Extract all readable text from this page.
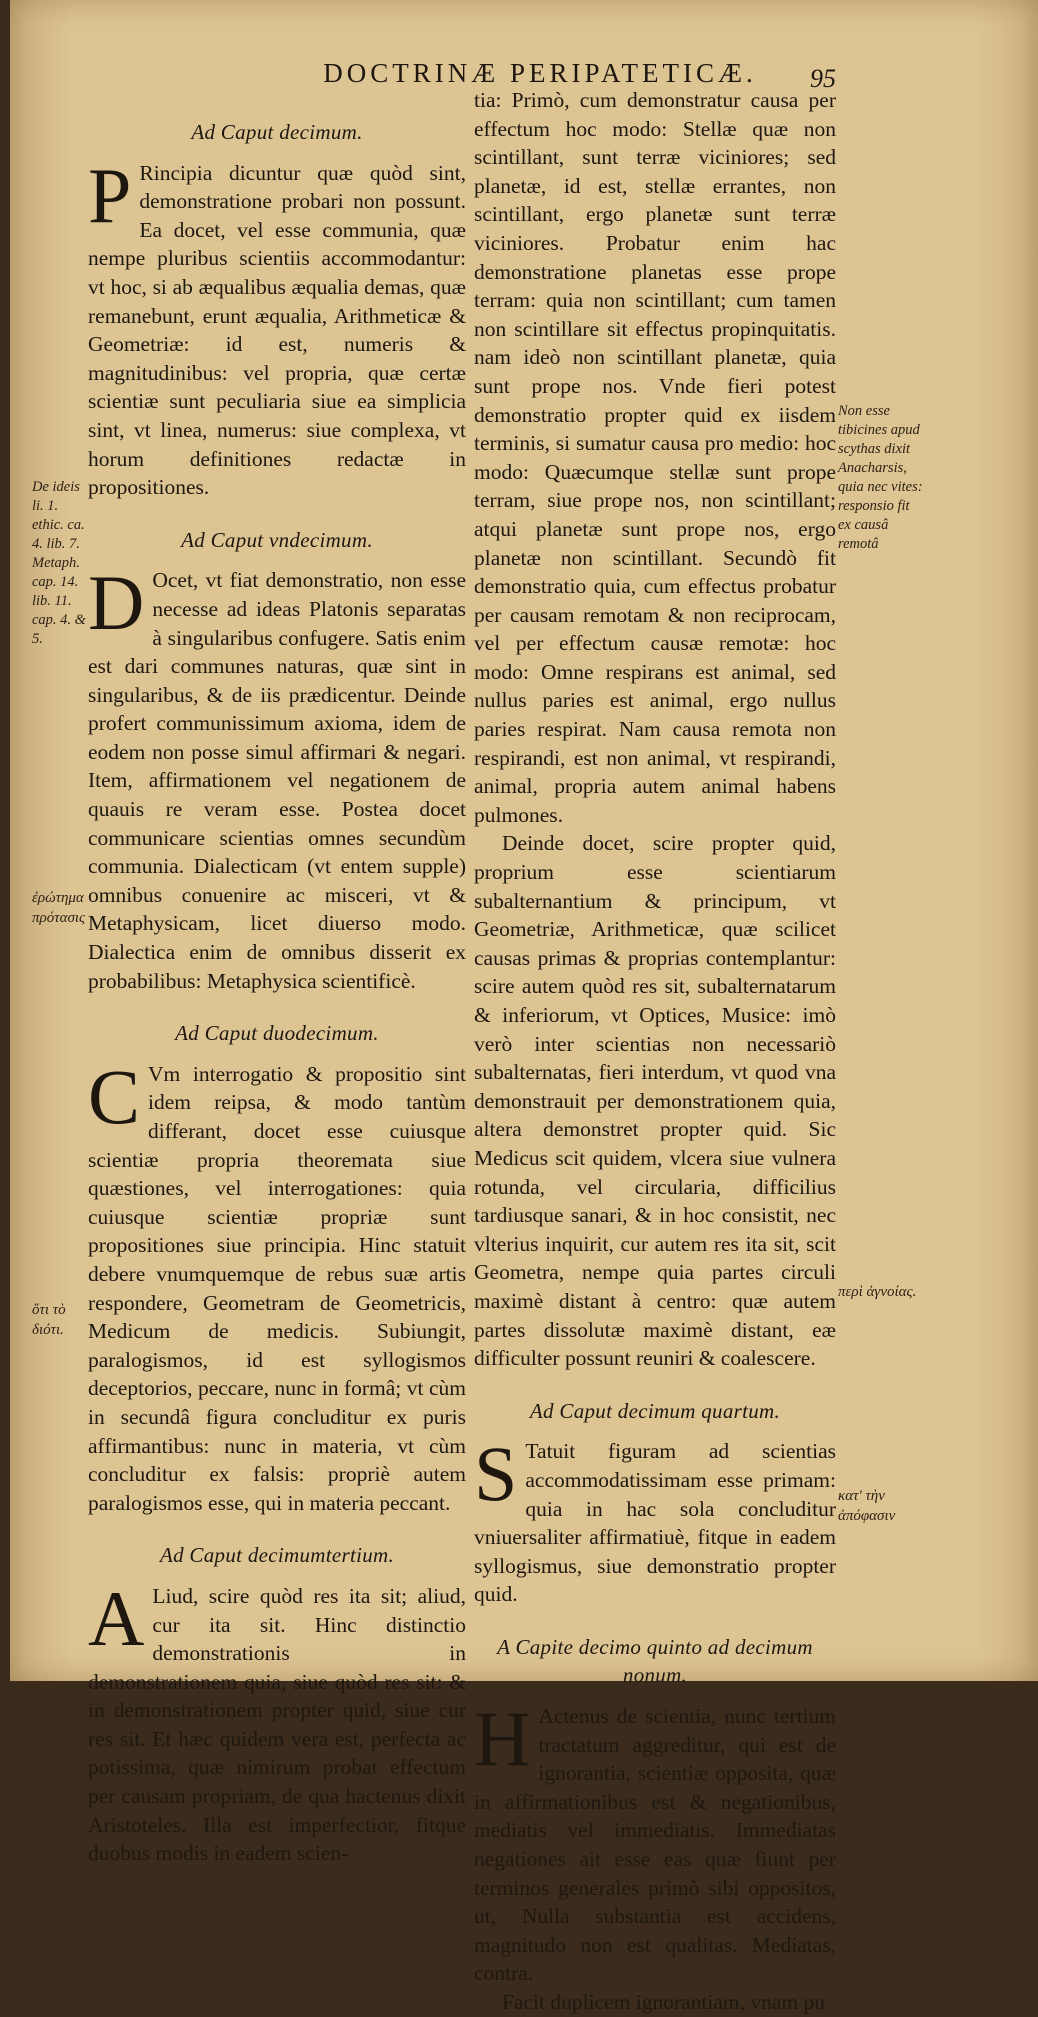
DOCTRINÆ PERIPATETICÆ.	95
Ad Caput decimum.

P Rincipia dicuntur quæ quòd sint, demonstratione probari non possunt. Ea docet, vel esse communia, quæ nempe pluribus scientiis accommodantur: vt hoc, si ab æqualibus æqualia demas, quæ remanebunt, erunt æqualia, Arithmeticæ & Geometriæ: id est, numeris & magnitudinibus: vel propria, quæ certæ scientiæ sunt peculiaria siue ea simplicia sint, vt linea, numerus: siue complexa, vt horum definitiones redactæ in propositiones.

Ad Caput vndecimum.

D Ocet, vt fiat demonstratio, non esse necesse ad ideas Platonis separatas à singularibus confugere. Satis enim est dari communes naturas, quæ sint in singularibus, & de iis prædicentur. Deinde profert communissimum axioma, idem de eodem non posse simul affirmari & negari. Item, affirmationem vel negationem de quauis re veram esse. Postea docet communicare scientias omnes secundùm communia. Dialecticam (vt entem supple) omnibus conuenire ac misceri, vt & Metaphysicam, licet diuerso modo. Dialectica enim de omnibus disserit ex probabilibus: Metaphysica scientificè.

Ad Caput duodecimum.

C Vm interrogatio & propositio sint idem reipsa, & modo tantùm differant, docet esse cuiusque scientiæ propria theoremata siue quæstiones, vel interrogationes: quia cuiusque scientiæ propriæ sunt propositiones siue principia. Hinc statuit debere vnumquemque de rebus suæ artis respondere, Geometram de Geometricis, Medicum de medicis. Subiungit, paralogismos, id est syllogismos deceptorios, peccare, nunc in formâ; vt cùm in secundâ figura concluditur ex puris affirmantibus: nunc in materia, vt cùm concluditur ex falsis: propriè autem paralogismos esse, qui in materia peccant.

Ad Caput decimumtertium.

A Liud, scire quòd res ita sit; aliud, cur ita sit. Hinc distinctio demonstrationis in demonstrationem quia, siue quòd res sit: & in demonstrationem propter quid, siue cur res sit. Et hæc quidem vera est, perfecta ac potissima, quæ nimirum probat effectum per causam propriam, de qua hactenus dixit Aristoteles. Illa est imperfectior, fitque duobus modis in eadem scien-

tia: Primò, cum demonstratur causa per effectum hoc modo: Stellæ quæ non scintillant, sunt terræ viciniores; sed planetæ, id est, stellæ errantes, non scintillant, ergo planetæ sunt terræ viciniores. Probatur enim hac demonstratione planetas esse prope terram: quia non scintillant; cum tamen non scintillare sit effectus propinquitatis. nam ideò non scintillant planetæ, quia sunt prope nos. Vnde fieri potest demonstratio propter quid ex iisdem terminis, si sumatur causa pro medio: hoc modo: Quæcumque stellæ sunt prope terram, siue prope nos, non scintillant; atqui planetæ sunt prope nos, ergo planetæ non scintillant. Secundò fit demonstratio quia, cum effectus probatur per causam remotam & non reciprocam, vel per effectum causæ remotæ: hoc modo: Omne respirans est animal, sed nullus paries est animal, ergo nullus paries respirat. Nam causa remota non respirandi, est non animal, vt respirandi, animal, propria autem animal habens pulmones.

Deinde docet, scire propter quid, proprium esse scientiarum subalternantium & principum, vt Geometriæ, Arithmeticæ, quæ scilicet causas primas & proprias contemplantur: scire autem quòd res sit, subalternatarum & inferiorum, vt Optices, Musice: imò verò inter scientias non necessariò subalternatas, fieri interdum, vt quod vna demonstrauit per demonstrationem quia, altera demonstret propter quid. Sic Medicus scit quidem, vlcera siue vulnera rotunda, vel circularia, difficilius tardiusque sanari, & in hoc consistit, nec vlterius inquirit, cur autem res ita sit, scit Geometra, nempe quia partes circuli maximè distant à centro: quæ autem partes dissolutæ maximè distant, eæ difficulter possunt reuniri & coalescere.

Ad Caput decimum quartum.

S Tatuit figuram ad scientias accommodatissimam esse primam: quia in hac sola concluditur vniuersaliter affirmatiuè, fitque in eadem syllogismus, siue demonstratio propter quid.

A Capite decimo quinto ad decimum nonum.

H Actenus de scientia, nunc tertium tractatum aggreditur, qui est de ignorantia, scientiæ opposita, quæ in affirmationibus est & negationibus, mediatis vel immediatis. Immediatas negationes ait esse eas quæ fiunt per terminos generales primò sibi oppositos, ut, Nulla substantia est accidens, magnitudo non est qualitas. Mediatas, contra.

Facit duplicem ignorantiam, vnam pu

De ideis li. 1. ethic. ca. 4. lib. 7. Metaph. cap. 14. lib. 11. cap. 4. & 5.
ἐρώτημα πρότασις
ὅτι τὸ διότι.
Non esse tibicines apud scythas dixit Anacharsis, quia nec vites: responsio fit ex causâ remotâ
περὶ ἀγνοίας.
κατ' τὴν ἀπόφασιν
